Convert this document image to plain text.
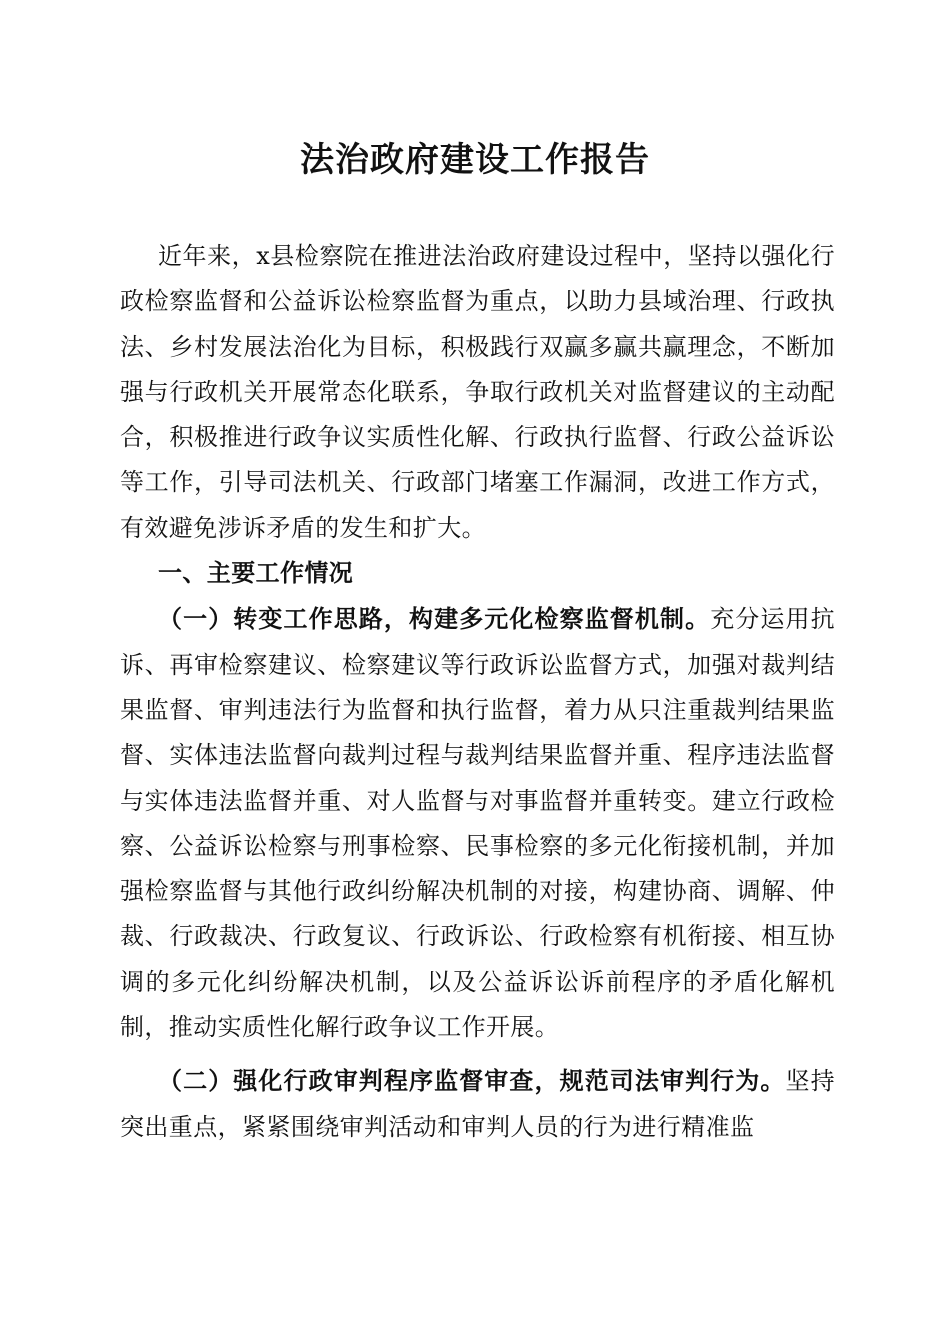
法治政府建设工作报告

近年来，x县检察院在推进法治政府建设过程中，坚持以强化行政检察监督和公益诉讼检察监督为重点，以助力县域治理、行政执法、乡村发展法治化为目标，积极践行双赢多赢共赢理念，不断加强与行政机关开展常态化联系，争取行政机关对监督建议的主动配合，积极推进行政争议实质性化解、行政执行监督、行政公益诉讼等工作，引导司法机关、行政部门堵塞工作漏洞，改进工作方式，有效避免涉诉矛盾的发生和扩大。

一、主要工作情况

（一）转变工作思路，构建多元化检察监督机制。充分运用抗诉、再审检察建议、检察建议等行政诉讼监督方式，加强对裁判结果监督、审判违法行为监督和执行监督，着力从只注重裁判结果监督、实体违法监督向裁判过程与裁判结果监督并重、程序违法监督与实体违法监督并重、对人监督与对事监督并重转变。建立行政检察、公益诉讼检察与刑事检察、民事检察的多元化衔接机制，并加强检察监督与其他行政纠纷解决机制的对接，构建协商、调解、仲裁、行政裁决、行政复议、行政诉讼、行政检察有机衔接、相互协调的多元化纠纷解决机制，以及公益诉讼诉前程序的矛盾化解机制，推动实质性化解行政争议工作开展。

（二）强化行政审判程序监督审查，规范司法审判行为。坚持突出重点，紧紧围绕审判活动和审判人员的行为进行精准监
